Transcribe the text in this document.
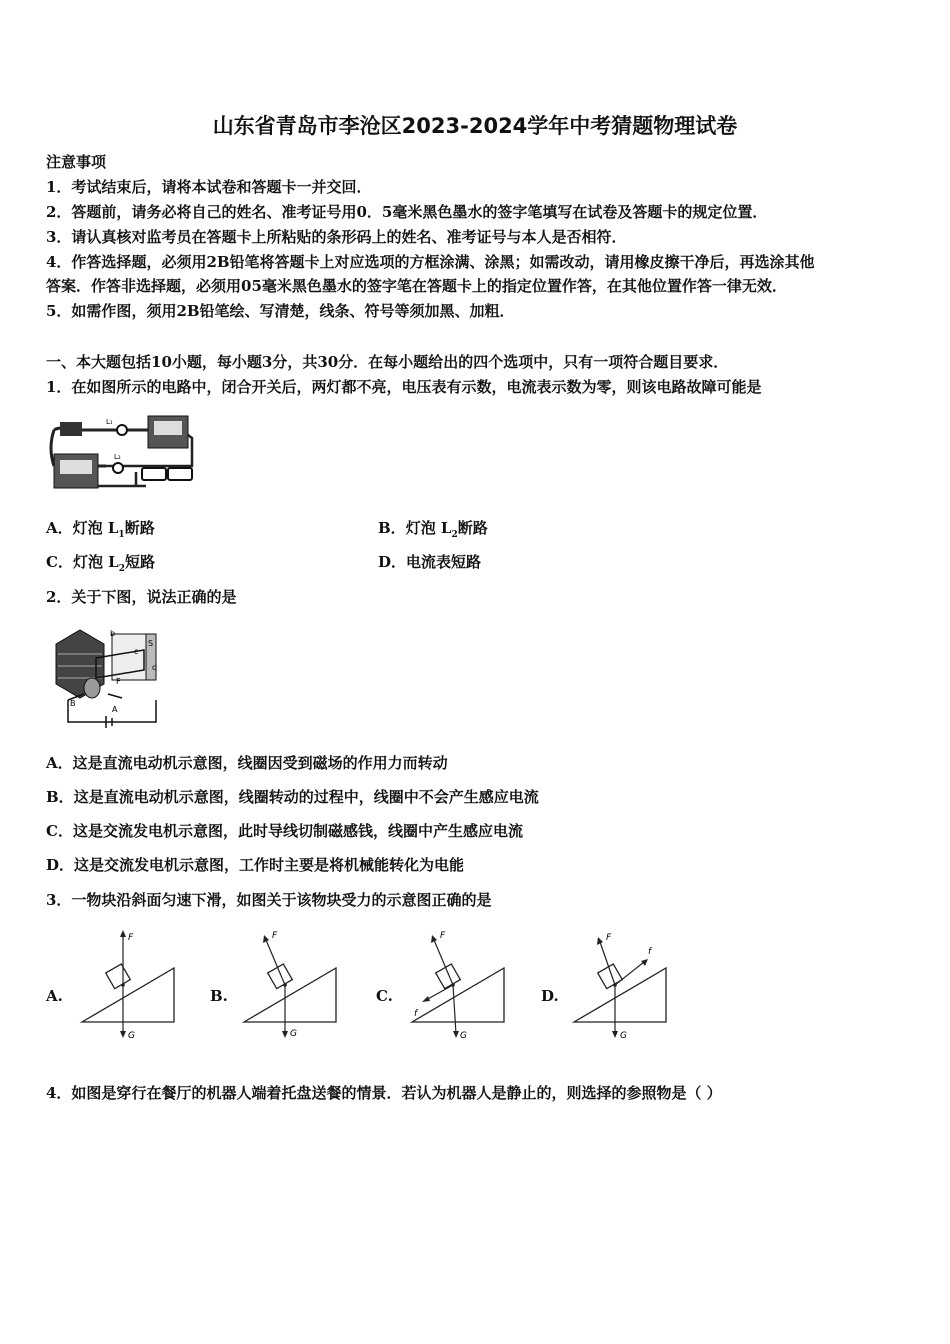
山东省青岛市李沧区2023-2024学年中考猜题物理试卷
注意事项
1．考试结束后，请将本试卷和答题卡一并交回．
2．答题前，请务必将自己的姓名、准考证号用0．5毫米黑色墨水的签字笔填写在试卷及答题卡的规定位置．
3．请认真核对监考员在答题卡上所粘贴的条形码上的姓名、准考证号与本人是否相符．
4．作答选择题，必须用2B铅笔将答题卡上对应选项的方框涂满、涂黑；如需改动，请用橡皮擦干净后，再选涂其他
答案．作答非选择题，必须用05毫米黑色墨水的签字笔在答题卡上的指定位置作答，在其他位置作答一律无效．
5．如需作图，须用2B铅笔绘、写清楚，线条、符号等须加黑、加粗．
一、本大题包括10小题，每小题3分，共30分．在每小题给出的四个选项中，只有一项符合题目要求．
1．在如图所示的电路中，闭合开关后，两灯都不亮，电压表有示数，电流表示数为零，则该电路故障可能是
L₁
L₂
A．灯泡 $L_1$断路	B．灯泡 $L_2$断路
C．灯泡 $L_2$短路	D．电流表短路
2．关于下图，说法正确的是
b
c
d
S
F
B
A
A．这是直流电动机示意图，线圈因受到磁场的作用力而转动
B．这是直流电动机示意图，线圈转动的过程中，线圈中不会产生感应电流
C．这是交流发电机示意图，此时导线切制磁感钱，线圈中产生感应电流
D．这是交流发电机示意图，工作时主要是将机械能转化为电能
3．一物块沿斜面匀速下滑，如图关于该物块受力的示意图正确的是
A.
F
G
B.
F
G
C.
F
G
f
D.
F
G
f
4．如图是穿行在餐厅的机器人端着托盘送餐的情景．若认为机器人是静止的，则选择的参照物是（ ）
